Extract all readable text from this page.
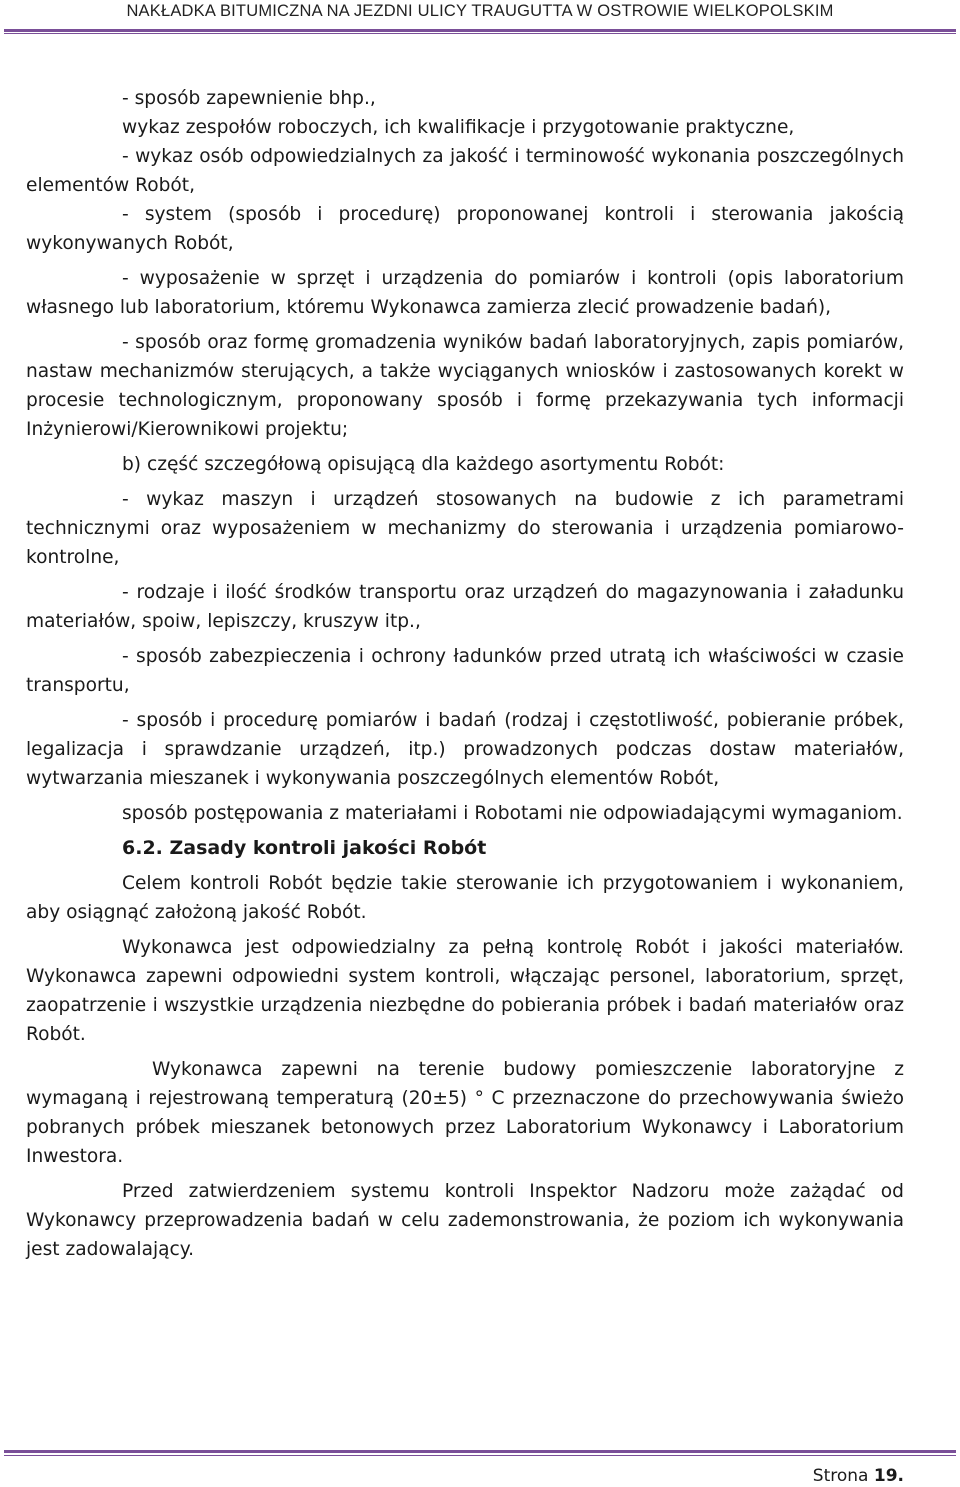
NAKŁADKA BITUMICZNA NA JEZDNI ULICY TRAUGUTTA W OSTROWIE WIELKOPOLSKIM

- sposób zapewnienie bhp.,

wykaz zespołów roboczych, ich kwalifikacje i przygotowanie praktyczne,

- wykaz osób odpowiedzialnych za jakość i terminowość wykonania poszczególnych elementów Robót,

- system (sposób i procedurę) proponowanej kontroli i sterowania jakością wykonywanych Robót,

- wyposażenie w sprzęt i urządzenia do pomiarów i kontroli (opis laboratorium własnego lub laboratorium, któremu Wykonawca zamierza zlecić prowadzenie badań),

- sposób oraz formę gromadzenia wyników badań laboratoryjnych, zapis pomiarów, nastaw mechanizmów sterujących, a także wyciąganych wniosków i zastosowanych korekt w procesie technologicznym, proponowany sposób i formę przekazywania tych informacji Inżynierowi/Kierownikowi projektu;

b) część szczegółową opisującą dla każdego asortymentu Robót:

- wykaz maszyn i urządzeń stosowanych na budowie z ich parametrami technicznymi oraz wyposażeniem w mechanizmy do sterowania i urządzenia pomiarowo-kontrolne,

- rodzaje i ilość środków transportu oraz urządzeń do magazynowania i załadunku materiałów, spoiw, lepiszczy, kruszyw itp.,

- sposób zabezpieczenia i ochrony ładunków przed utratą ich właściwości w czasie transportu,

- sposób i procedurę pomiarów i badań (rodzaj i częstotliwość, pobieranie próbek, legalizacja i sprawdzanie urządzeń, itp.) prowadzonych podczas dostaw materiałów, wytwarzania mieszanek i wykonywania poszczególnych elementów Robót,

sposób postępowania z materiałami i Robotami nie odpowiadającymi wymaganiom.

6.2. Zasady kontroli jakości Robót

Celem kontroli Robót będzie takie sterowanie ich przygotowaniem i wykonaniem, aby osiągnąć założoną jakość Robót.

Wykonawca jest odpowiedzialny za pełną kontrolę Robót i jakości materiałów. Wykonawca zapewni odpowiedni system kontroli, włączając personel, laboratorium, sprzęt, zaopatrzenie i wszystkie urządzenia niezbędne do pobierania próbek i badań materiałów oraz Robót.

Wykonawca zapewni na terenie budowy pomieszczenie laboratoryjne z wymaganą i rejestrowaną temperaturą (20±5) ° C przeznaczone do przechowywania świeżo pobranych próbek mieszanek betonowych przez Laboratorium Wykonawcy i Laboratorium Inwestora.

Przed zatwierdzeniem systemu kontroli Inspektor Nadzoru może zażądać od Wykonawcy przeprowadzenia badań w celu zademonstrowania, że poziom ich wykonywania jest zadowalający.

Strona 19.
